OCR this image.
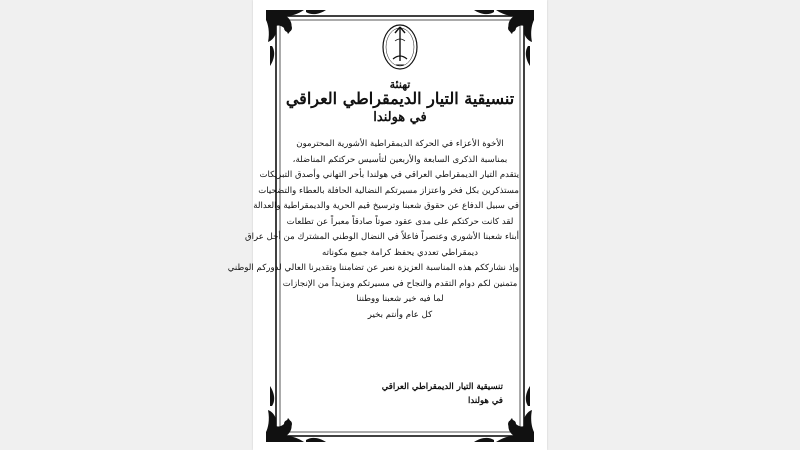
تهنئة
تنسيقية التيار الديمقراطي العراقي
في هولندا

الأخوة الأعزاء في الحركة الديمقراطية الأشورية المحترمون

بمناسبة الذكرى السابعة والأربعين لتأسيس حركتكم المناضلة،

يتقدم التيار الديمقراطي العراقي في هولندا بأحر التهاني وأصدق التبريكات

مستذكرين بكل فخر واعتزاز مسيرتكم النضالية الحافلة بالعطاء والتضحيات

في سبيل الدفاع عن حقوق شعبنا وترسيخ قيم الحرية والديمقراطية والعدالة

لقد كانت حركتكم على مدى عقود صوتاً صادقاً معبراً عن تطلعات

أبناء شعبنا الأشوري وعنصراً فاعلاً في النضال الوطني المشترك من أجل عراق

ديمقراطي تعددي يحفظ كرامة جميع مكوناته

وإذ نشارككم هذه المناسبة العزيزة نعبر عن تضامننا وتقديرنا العالي لدوركم الوطني

متمنين لكم دوام التقدم والنجاح في مسيرتكم ومزيداً من الإنجازات

لما فيه خير شعبنا ووطننا

كل عام وأنتم بخير

تنسيقية التيار الديمقراطي العراقي
في هولندا
